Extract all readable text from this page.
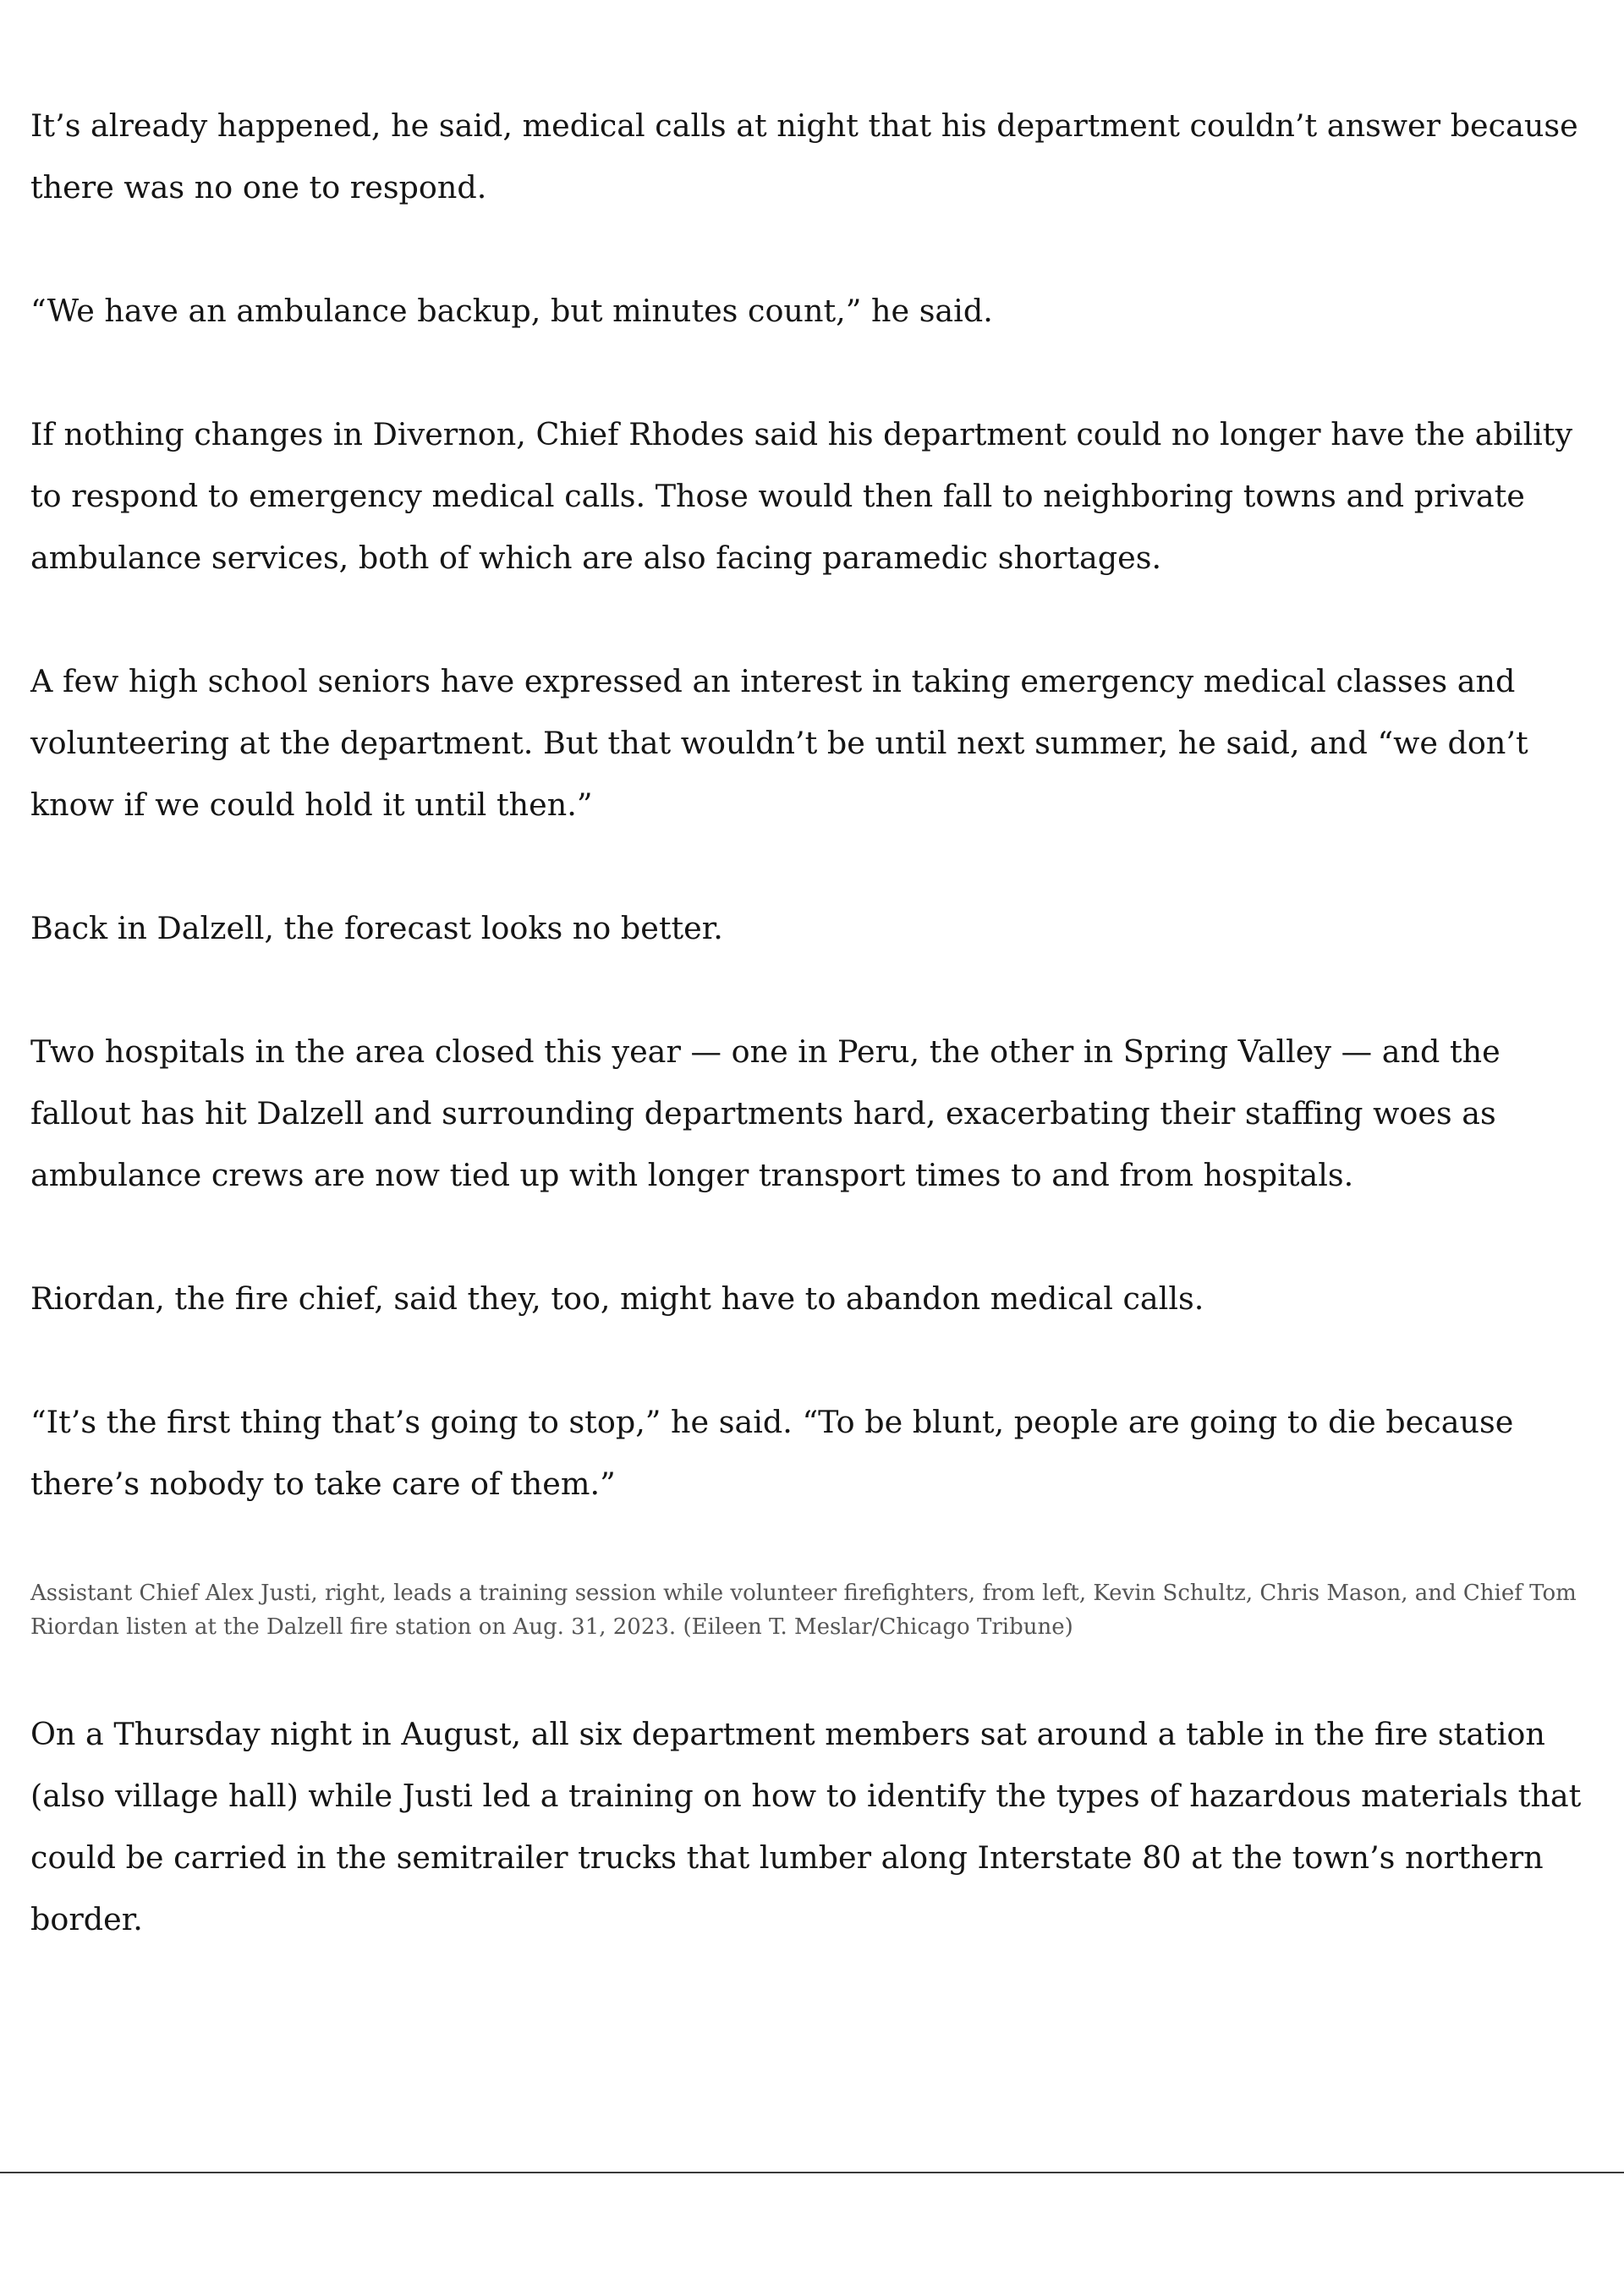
It’s already happened, he said, medical calls at night that his department couldn’t answer because there was no one to respond.

“We have an ambulance backup, but minutes count,” he said.

If nothing changes in Divernon, Chief Rhodes said his department could no longer have the ability to respond to emergency medical calls. Those would then fall to neighboring towns and private ambulance services, both of which are also facing paramedic shortages.

A few high school seniors have expressed an interest in taking emergency medical classes and volunteering at the department. But that wouldn’t be until next summer, he said, and “we don’t know if we could hold it until then.”

Back in Dalzell, the forecast looks no better.

Two hospitals in the area closed this year — one in Peru, the other in Spring Valley — and the fallout has hit Dalzell and surrounding departments hard, exacerbating their staffing woes as ambulance crews are now tied up with longer transport times to and from hospitals.

Riordan, the fire chief, said they, too, might have to abandon medical calls.

“It’s the first thing that’s going to stop,” he said. “To be blunt, people are going to die because there’s nobody to take care of them.”

Assistant Chief Alex Justi, right, leads a training session while volunteer firefighters, from left, Kevin Schultz, Chris Mason, and Chief Tom Riordan listen at the Dalzell fire station on Aug. 31, 2023. (Eileen T. Meslar/Chicago Tribune)

On a Thursday night in August, all six department members sat around a table in the fire station (also village hall) while Justi led a training on how to identify the types of hazardous materials that could be carried in the semitrailer trucks that lumber along Interstate 80 at the town’s northern border.
